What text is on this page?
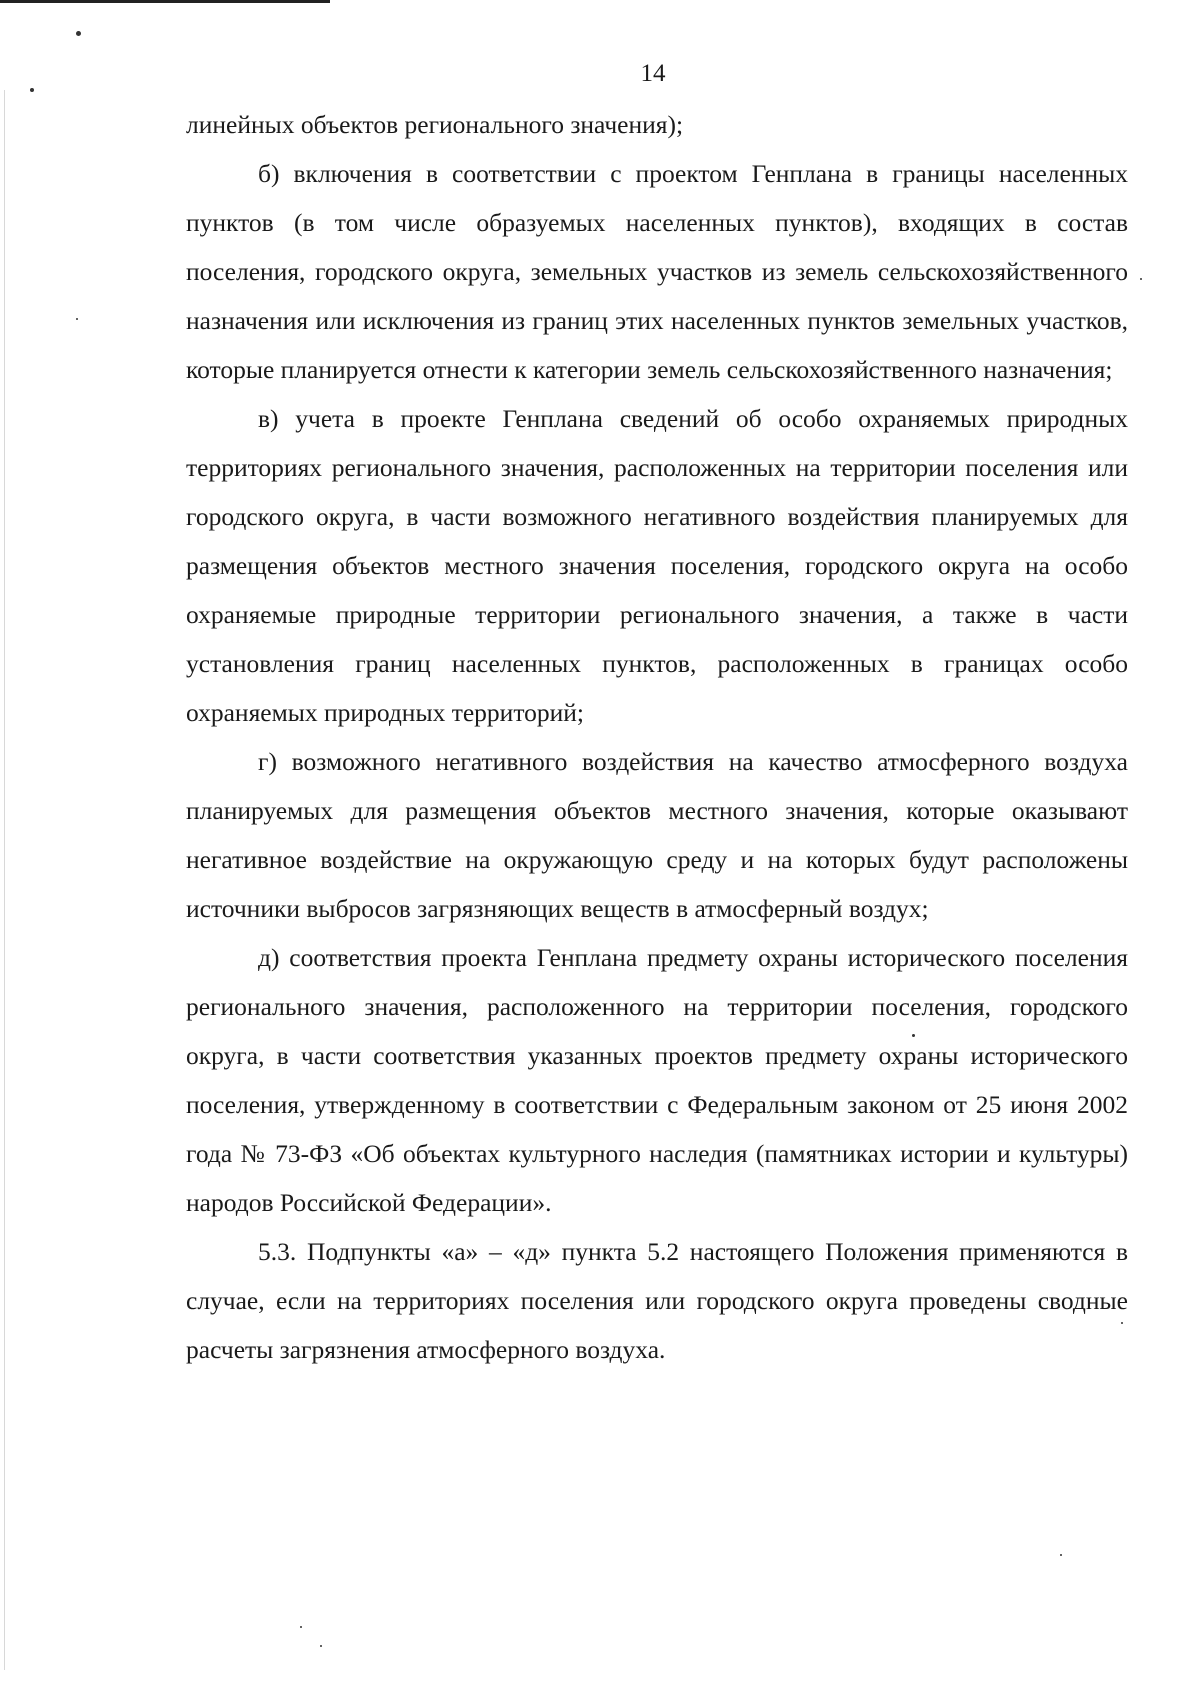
14

линейных объектов регионального значения);

б) включения в соответствии с проектом Генплана в границы населенных пунктов (в том числе образуемых населенных пунктов), входящих в состав поселения, городского округа, земельных участков из земель сельскохозяйственного назначения или исключения из границ этих населенных пунктов земельных участков, которые планируется отнести к категории земель сельскохозяйственного назначения;

в) учета в проекте Генплана сведений об особо охраняемых природных территориях регионального значения, расположенных на территории поселения или городского округа, в части возможного негативного воздействия планируемых для размещения объектов местного значения поселения, городского округа на особо охраняемые природные территории регионального значения, а также в части установления границ населенных пунктов, расположенных в границах особо охраняемых природных территорий;

г) возможного негативного воздействия на качество атмосферного воздуха планируемых для размещения объектов местного значения, которые оказывают негативное воздействие на окружающую среду и на которых будут расположены источники выбросов загрязняющих веществ в атмосферный воздух;

д) соответствия проекта Генплана предмету охраны исторического поселения регионального значения, расположенного на территории поселения, городского округа, в части соответствия указанных проектов предмету охраны исторического поселения, утвержденному в соответствии с Федеральным законом от 25 июня 2002 года № 73-ФЗ «Об объектах культурного наследия (памятниках истории и культуры) народов Российской Федерации».

5.3. Подпункты «а» – «д» пункта 5.2 настоящего Положения применяются в случае, если на территориях поселения или городского округа проведены сводные расчеты загрязнения атмосферного воздуха.
